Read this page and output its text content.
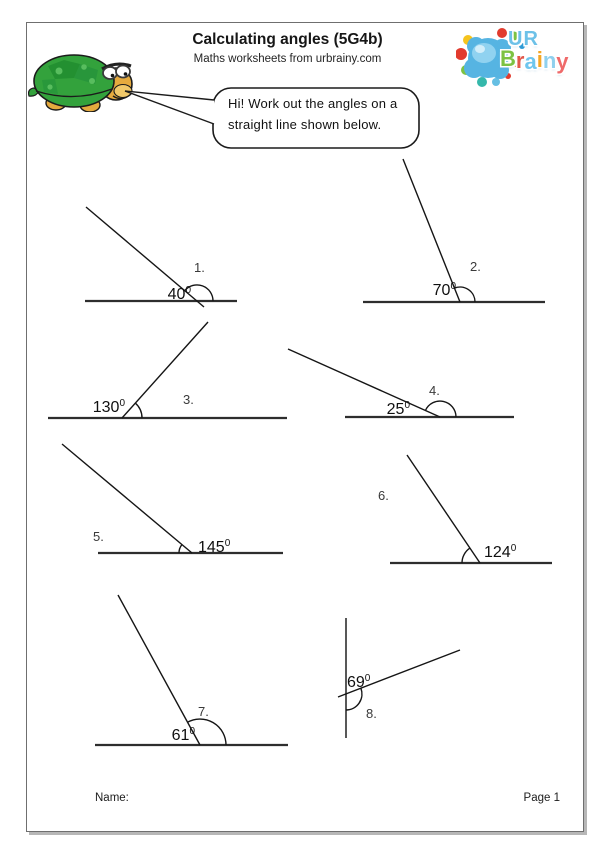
Calculating angles (5G4b)
Maths worksheets from urbrainy.com
UR
Brainy
Hi! Work out the angles on a
straight line shown below.
$40^0$
1.
$70^0$
2.
$130^0$	3.
$25^0$
4.
$145^0$
5.
$124^0$
6.
$61^0$
7.
$69^0$
8.
Name:	Page 1
